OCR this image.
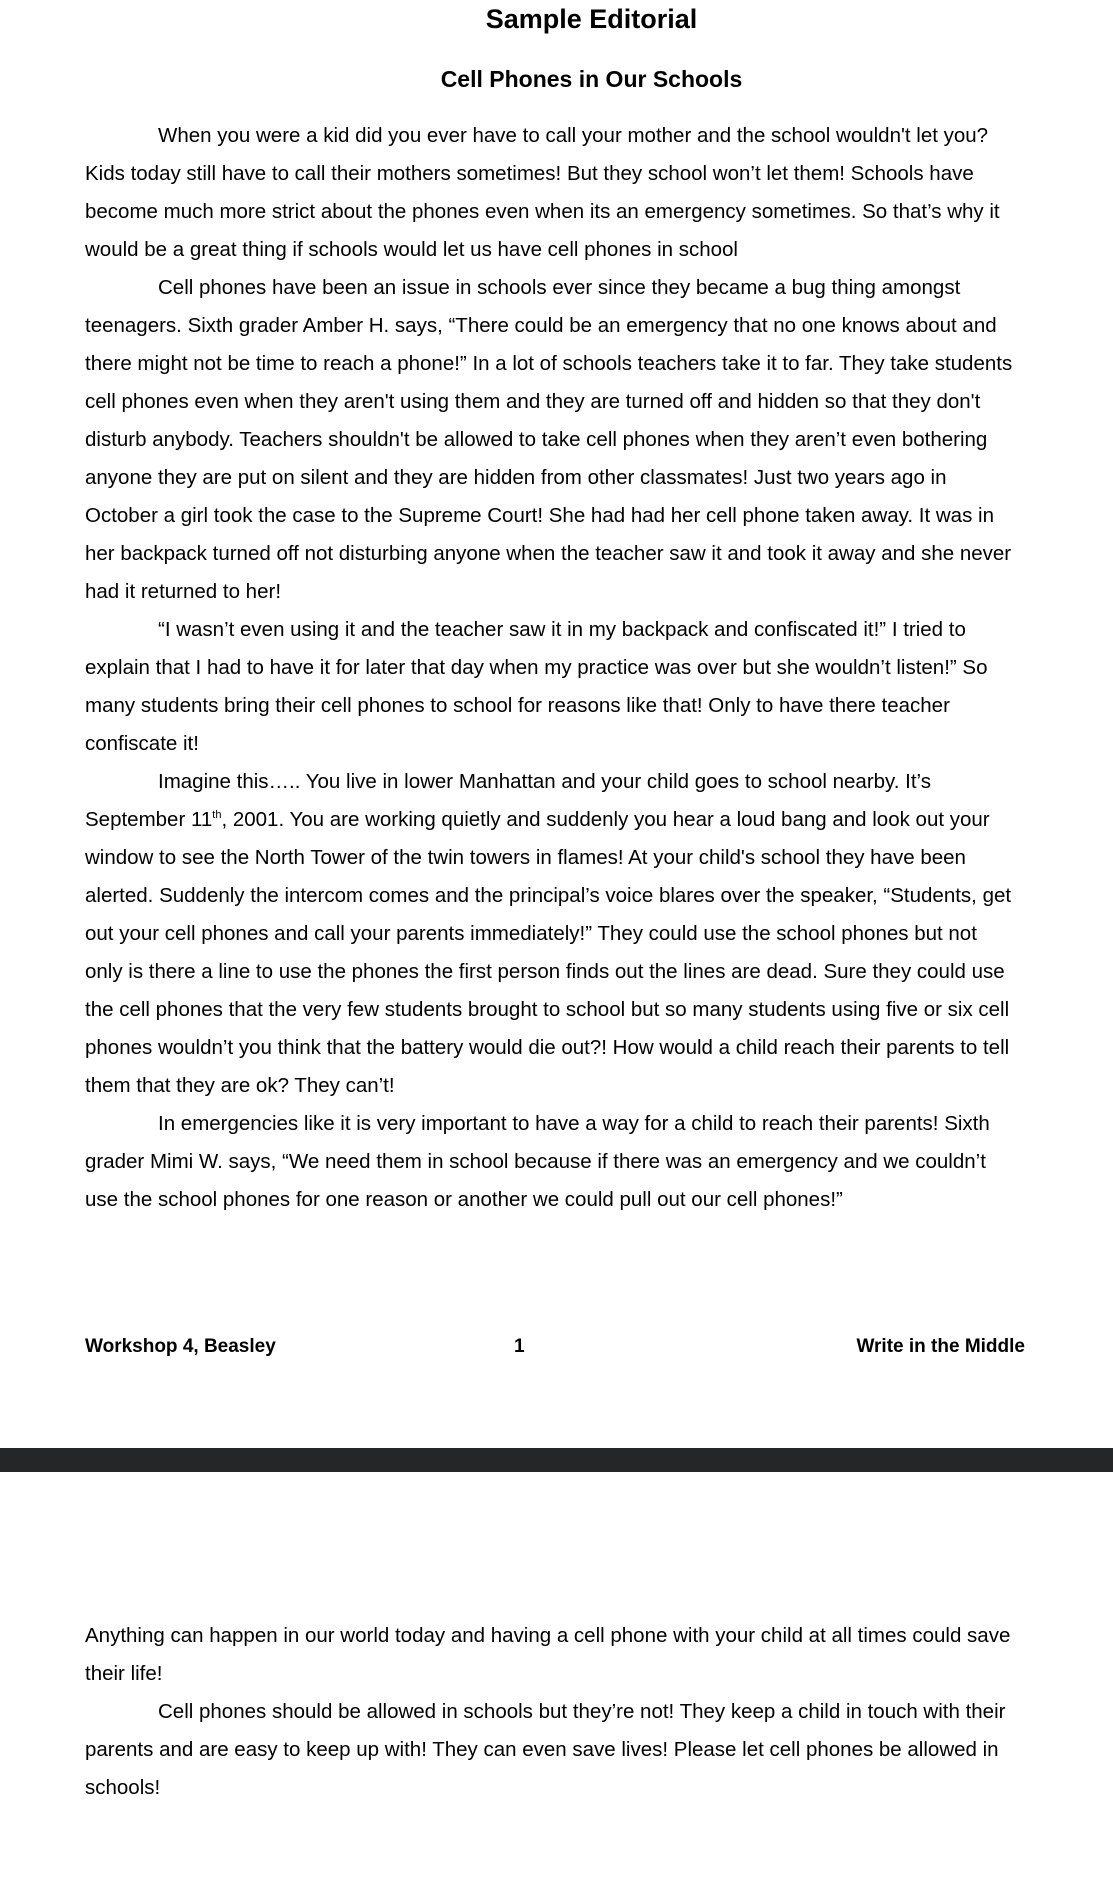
Sample Editorial
Cell Phones in Our Schools

When you were a kid did you ever have to call your mother and the school wouldn't let you? Kids today still have to call their mothers sometimes! But they school won’t let them! Schools have become much more strict about the phones even when its an emergency sometimes. So that’s why it would be a great thing if schools would let us have cell phones in school

Cell phones have been an issue in schools ever since they became a bug thing amongst teenagers. Sixth grader Amber H. says, “There could be an emergency that no one knows about and there might not be time to reach a phone!” In a lot of schools teachers take it to far. They take students cell phones even when they aren't using them and they are turned off and hidden so that they don't disturb anybody. Teachers shouldn't be allowed to take cell phones when they aren’t even bothering anyone they are put on silent and they are hidden from other classmates! Just two years ago in October a girl took the case to the Supreme Court! She had had her cell phone taken away. It was in her backpack turned off not disturbing anyone when the teacher saw it and took it away and she never had it returned to her!

“I wasn’t even using it and the teacher saw it in my backpack and confiscated it!” I tried to explain that I had to have it for later that day when my practice was over but she wouldn’t listen!” So many students bring their cell phones to school for reasons like that! Only to have there teacher confiscate it!

Imagine this….. You live in lower Manhattan and your child goes to school nearby. It’s September 11th, 2001. You are working quietly and suddenly you hear a loud bang and look out your window to see the North Tower of the twin towers in flames! At your child's school they have been alerted. Suddenly the intercom comes and the principal’s voice blares over the speaker, “Students, get out your cell phones and call your parents immediately!” They could use the school phones but not only is there a line to use the phones the first person finds out the lines are dead. Sure they could use the cell phones that the very few students brought to school but so many students using five or six cell phones wouldn’t you think that the battery would die out?! How would a child reach their parents to tell them that they are ok? They can’t!

In emergencies like it is very important to have a way for a child to reach their parents! Sixth grader Mimi W. says, “We need them in school because if there was an emergency and we couldn’t use the school phones for one reason or another we could pull out our cell phones!”

Workshop 4, Beasley	1	Write in the Middle

Anything can happen in our world today and having a cell phone with your child at all times could save their life!

Cell phones should be allowed in schools but they’re not! They keep a child in touch with their parents and are easy to keep up with! They can even save lives! Please let cell phones be allowed in schools!
